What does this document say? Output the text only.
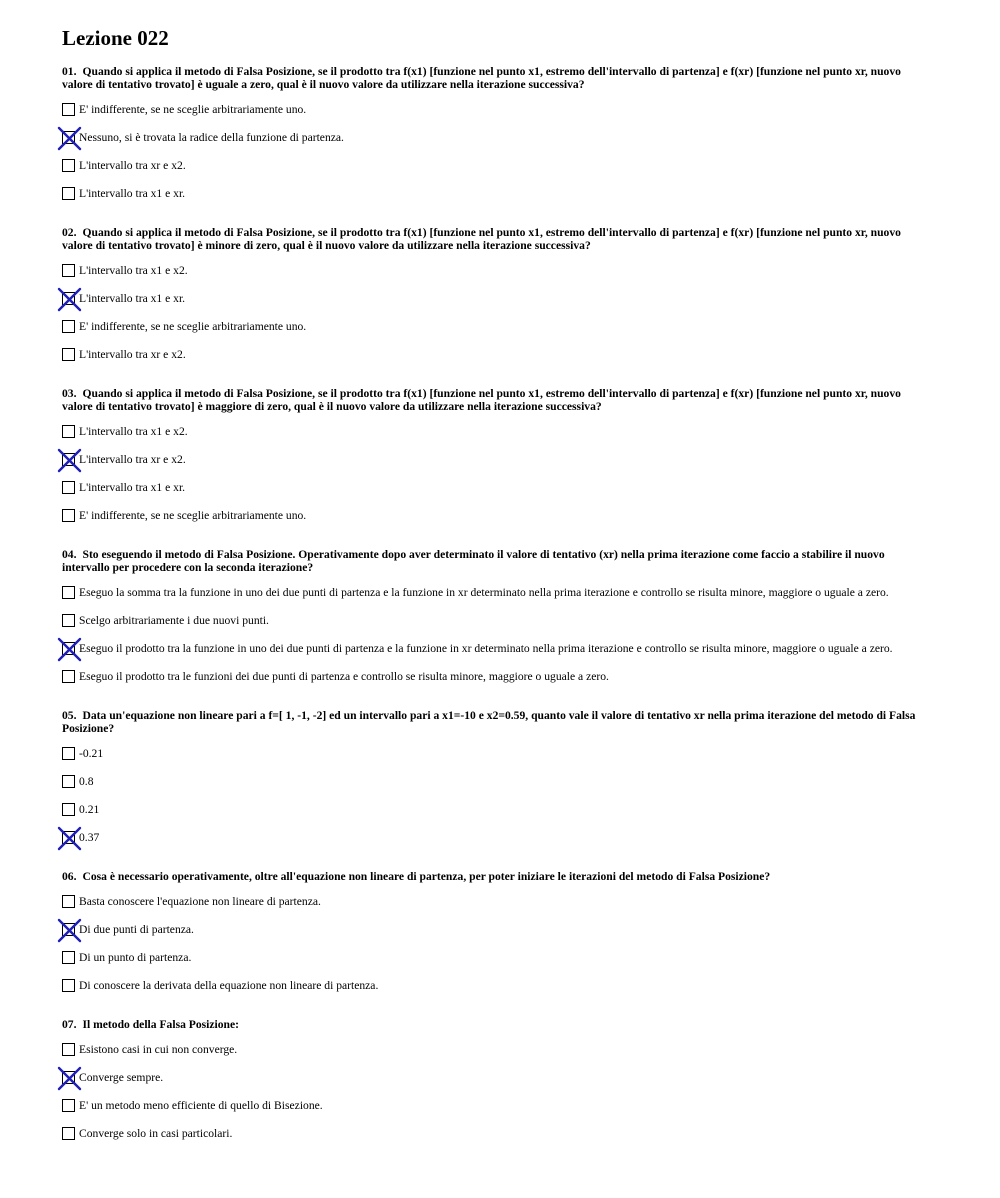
Lezione 022
01. Quando si applica il metodo di Falsa Posizione, se il prodotto tra f(x1) [funzione nel punto x1, estremo dell'intervallo di partenza] e f(xr) [funzione nel punto xr, nuovo valore di tentativo trovato] è uguale a zero, qual è il nuovo valore da utilizzare nella iterazione successiva?
E' indifferente, se ne sceglie arbitrariamente uno.
Nessuno, si è trovata la radice della funzione di partenza.
L'intervallo tra xr e x2.
L'intervallo tra x1 e xr.
02. Quando si applica il metodo di Falsa Posizione, se il prodotto tra f(x1) [funzione nel punto x1, estremo dell'intervallo di partenza] e f(xr) [funzione nel punto xr, nuovo valore di tentativo trovato] è minore di zero, qual è il nuovo valore da utilizzare nella iterazione successiva?
L'intervallo tra x1 e x2.
L'intervallo tra x1 e xr.
E' indifferente, se ne sceglie arbitrariamente uno.
L'intervallo tra xr e x2.
03. Quando si applica il metodo di Falsa Posizione, se il prodotto tra f(x1) [funzione nel punto x1, estremo dell'intervallo di partenza] e f(xr) [funzione nel punto xr, nuovo valore di tentativo trovato] è maggiore di zero, qual è il nuovo valore da utilizzare nella iterazione successiva?
L'intervallo tra x1 e x2.
L'intervallo tra xr e x2.
L'intervallo tra x1 e xr.
E' indifferente, se ne sceglie arbitrariamente uno.
04. Sto eseguendo il metodo di Falsa Posizione. Operativamente dopo aver determinato il valore di tentativo (xr) nella prima iterazione come faccio a stabilire il nuovo intervallo per procedere con la seconda iterazione?
Eseguo la somma tra la funzione in uno dei due punti di partenza e la funzione in xr determinato nella prima iterazione e controllo se risulta minore, maggiore o uguale a zero.
Scelgo arbitrariamente i due nuovi punti.
Eseguo il prodotto tra la funzione in uno dei due punti di partenza e la funzione in xr determinato nella prima iterazione e controllo se risulta minore, maggiore o uguale a zero.
Eseguo il prodotto tra le funzioni dei due punti di partenza e controllo se risulta minore, maggiore o uguale a zero.
05. Data un'equazione non lineare pari a f=[ 1, -1, -2] ed un intervallo pari a x1=-10 e x2=0.59, quanto vale il valore di tentativo xr nella prima iterazione del metodo di Falsa Posizione?
-0.21
0.8
0.21
0.37
06. Cosa è necessario operativamente, oltre all'equazione non lineare di partenza, per poter iniziare le iterazioni del metodo di Falsa Posizione?
Basta conoscere l'equazione non lineare di partenza.
Di due punti di partenza.
Di un punto di partenza.
Di conoscere la derivata della equazione non lineare di partenza.
07. Il metodo della Falsa Posizione:
Esistono casi in cui non converge.
Converge sempre.
E' un metodo meno efficiente di quello di Bisezione.
Converge solo in casi particolari.
